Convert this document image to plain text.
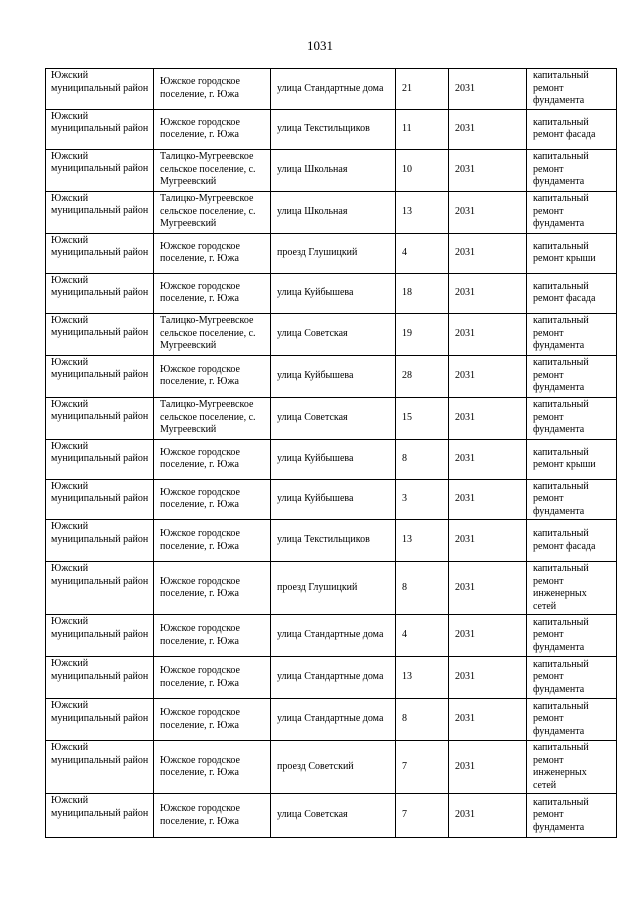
1031
Южский муниципальный район	Южское городское поселение, г. Южа	улица Стандартные дома	21	2031	капитальный ремонт фундамента
Южский муниципальный район	Южское городское поселение, г. Южа	улица Текстильщиков	11	2031	капитальный ремонт фасада
Южский муниципальный район	Талицко-Мугреевское сельское поселение, с. Мугреевский	улица Школьная	10	2031	капитальный ремонт фундамента
Южский муниципальный район	Талицко-Мугреевское сельское поселение, с. Мугреевский	улица Школьная	13	2031	капитальный ремонт фундамента
Южский муниципальный район	Южское городское поселение, г. Южа	проезд Глушицкий	4	2031	капитальный ремонт крыши
Южский муниципальный район	Южское городское поселение, г. Южа	улица Куйбышева	18	2031	капитальный ремонт фасада
Южский муниципальный район	Талицко-Мугреевское сельское поселение, с. Мугреевский	улица Советская	19	2031	капитальный ремонт фундамента
Южский муниципальный район	Южское городское поселение, г. Южа	улица Куйбышева	28	2031	капитальный ремонт фундамента
Южский муниципальный район	Талицко-Мугреевское сельское поселение, с. Мугреевский	улица Советская	15	2031	капитальный ремонт фундамента
Южский муниципальный район	Южское городское поселение, г. Южа	улица Куйбышева	8	2031	капитальный ремонт крыши
Южский муниципальный район	Южское городское поселение, г. Южа	улица Куйбышева	3	2031	капитальный ремонт фундамента
Южский муниципальный район	Южское городское поселение, г. Южа	улица Текстильщиков	13	2031	капитальный ремонт фасада
Южский муниципальный район	Южское городское поселение, г. Южа	проезд Глушицкий	8	2031	капитальный ремонт инженерных сетей
Южский муниципальный район	Южское городское поселение, г. Южа	улица Стандартные дома	4	2031	капитальный ремонт фундамента
Южский муниципальный район	Южское городское поселение, г. Южа	улица Стандартные дома	13	2031	капитальный ремонт фундамента
Южский муниципальный район	Южское городское поселение, г. Южа	улица Стандартные дома	8	2031	капитальный ремонт фундамента
Южский муниципальный район	Южское городское поселение, г. Южа	проезд Советский	7	2031	капитальный ремонт инженерных сетей
Южский муниципальный район	Южское городское поселение, г. Южа	улица Советская	7	2031	капитальный ремонт фундамента
